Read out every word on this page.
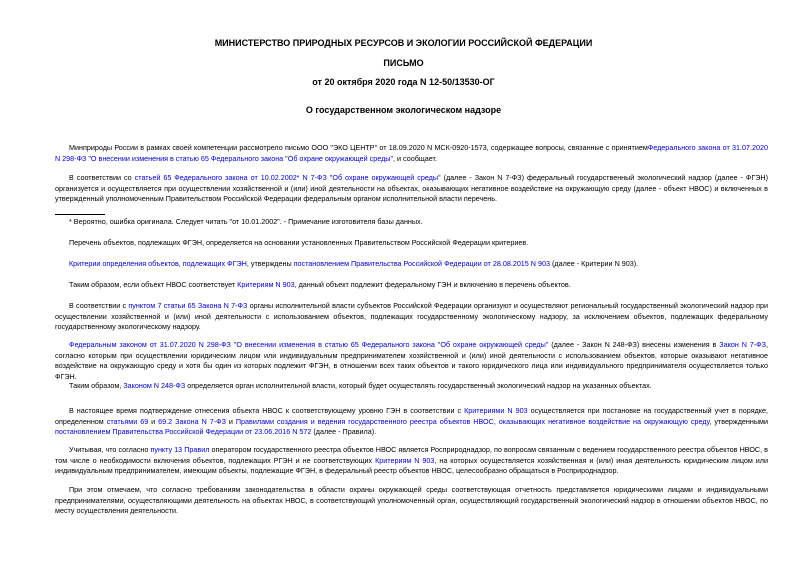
МИНИСТЕРСТВО ПРИРОДНЫХ РЕСУРСОВ И ЭКОЛОГИИ РОССИЙСКОЙ ФЕДЕРАЦИИ
ПИСЬМО
от 20 октября 2020 года N 12-50/13530-ОГ
О государственном экологическом надзоре
Минприроды России в рамках своей компетенции рассмотрело письмо ООО "ЭКО ЦЕНТР" от 18.09.2020 N МСК-0920-1573, содержащее вопросы, связанные с принятиемФедерального закона от 31.07.2020 N 298-ФЗ "О внесении изменения в статью 65 Федерального закона "Об охране окружающей среды", и сообщает.
В соответствии со статьей 65 Федерального закона от 10.02.2002* N 7-ФЗ "Об охране окружающей среды" (далее - Закон N 7-ФЗ) федеральный государственный экологический надзор (далее - ФГЭН) организуется и осуществляется при осуществлении хозяйственной и (или) иной деятельности на объектах, оказывающих негативное воздействие на окружающую среду (далее - объект НВОС) и включенных в утвержденный уполномоченным Правительством Российской Федерации федеральным органом исполнительной власти перечень.
* Вероятно, ошибка оригинала. Следует читать "от 10.01.2002". - Примечание изготовителя базы данных.
Перечень объектов, подлежащих ФГЭН, определяется на основании установленных Правительством Российской Федерации критериев.
Критерии определения объектов, подлежащих ФГЭН, утверждены постановлением Правительства Российской Федерации от 28.08.2015 N 903 (далее - Критерии N 903).
Таким образом, если объект НВОС соответствует Критериям N 903, данный объект подлежит федеральному ГЭН и включению в перечень объектов.
В соответствии с пунктом 7 статьи 65 Закона N 7-ФЗ органы исполнительной власти субъектов Российской Федерации организуют и осуществляют региональный государственный экологический надзор при осуществлении хозяйственной и (или) иной деятельности с использованием объектов, подлежащих государственному экологическому надзору, за исключением объектов, подлежащих федеральному государственному экологическому надзору.
Федеральным законом от 31.07.2020 N 298-ФЗ "О внесении изменения в статью 65 Федерального закона "Об охране окружающей среды" (далее - Закон N 248-ФЗ) внесены изменения в Закон N 7-ФЗ, согласно которым при осуществлении юридическим лицом или индивидуальным предпринимателем хозяйственной и (или) иной деятельности с использованием объектов, которые оказывают негативное воздействие на окружающую среду и хотя бы один из которых подлежит ФГЭН, в отношении всех таких объектов и такого юридического лица или индивидуального предпринимателя осуществляется только ФГЭН.
Таким образом, Законом N 248-ФЗ определяется орган исполнительной власти, который будет осуществлять государственный экологический надзор на указанных объектах.
В настоящее время подтверждение отнесения объекта НВОС к соответствующему уровню ГЭН в соответствии с Критериями N 903 осуществляется при постановке на государственный учет в порядке, определенном статьями 69 и 69.2 Закона N 7-ФЗ и Правилами создания и ведения государственного реестра объектов НВОС, оказывающих негативное воздействие на окружающую среду, утвержденными постановлением Правительства Российской Федерации от 23.06.2016 N 572 (далее - Правила).
Учитывая, что согласно пункту 13 Правил оператором государственного реестра объектов НВОС является Росприроднадзор, по вопросам связанным с ведением государственного реестра объектов НВОС, в том числе о необходимости включения объектов, подлежащих РГЭН и не соответствующих Критериям N 903, на которых осуществляется хозяйственная и (или) иная деятельность юридическим лицом или индивидуальным предпринимателем, имеющим объекты, подлежащие ФГЭН, в федеральный реестр объектов НВОС, целесообразно обращаться в Росприроднадзор.
При этом отмечаем, что согласно требованиям законодательства в области охраны окружающей среды соответствующая отчетность представляется юридическими лицами и индивидуальными предпринимателями, осуществляющими деятельность на объектах НВОС, в соответствующий уполномоченный орган, осуществляющий государственный экологический надзор в отношении объектов НВОС, по месту осуществления деятельности.
